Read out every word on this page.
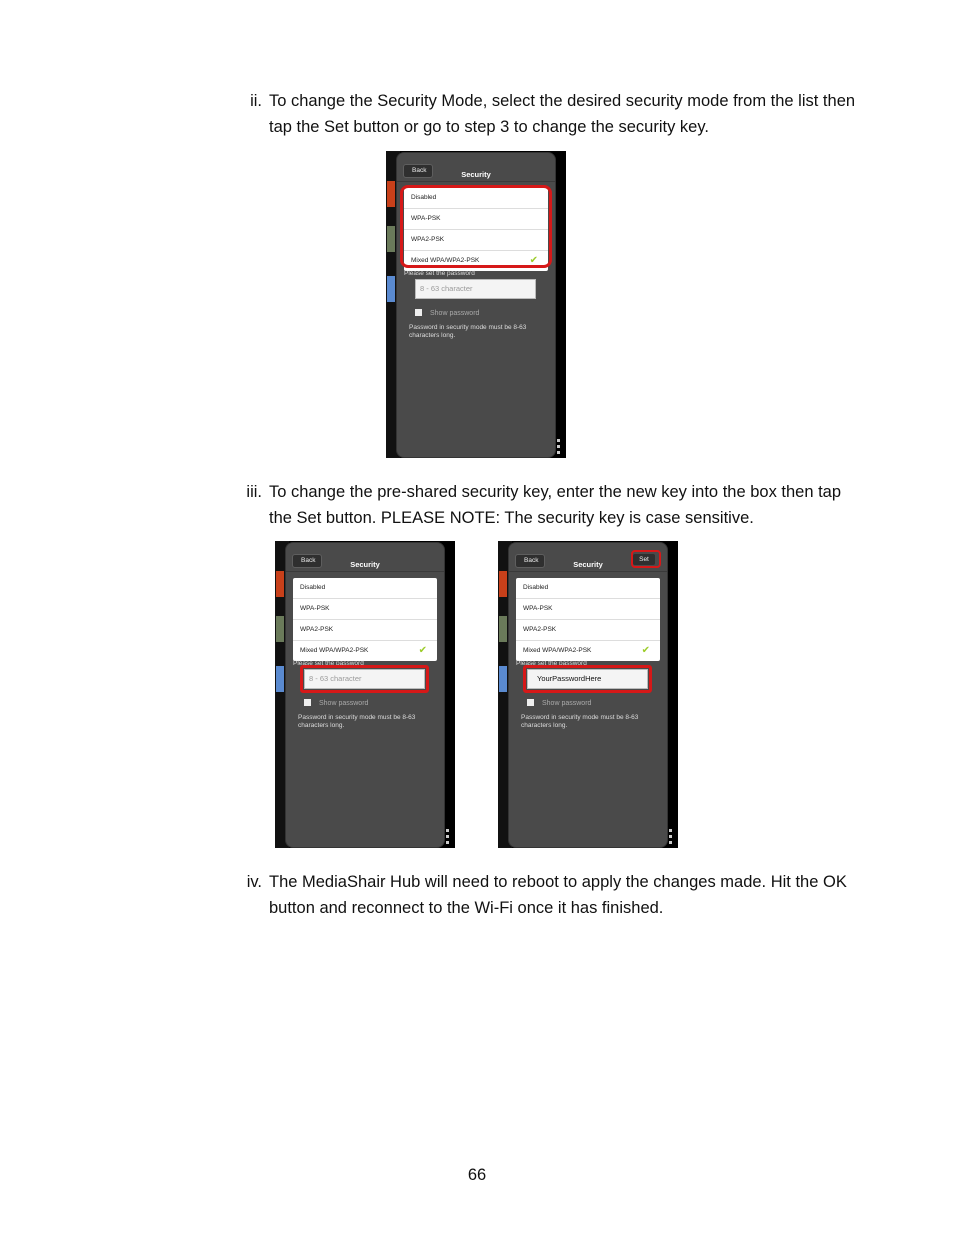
ii. To change the Security Mode, select the desired security mode from the list then tap the Set button or go to step 3 to change the security key.
Back	Security
Disabled
WPA-PSK
WPA2-PSK
Mixed WPA/WPA2-PSK	✔
Please set the password
8 - 63 character
Show password
Password in security mode must be 8-63 characters long.
iii. To change the pre-shared security key, enter the new key into the box then tap the Set button. PLEASE NOTE: The security key is case sensitive.
Back	Security
Disabled
WPA-PSK
WPA2-PSK
Mixed WPA/WPA2-PSK	✔
Please set the password
8 - 63 character
Show password
Password in security mode must be 8-63 characters long.
Back	Security
Set
Disabled
WPA-PSK
WPA2-PSK
Mixed WPA/WPA2-PSK	✔
Please set the password
YourPasswordHere
Show password
Password in security mode must be 8-63 characters long.
iv. The MediaShair Hub will need to reboot to apply the changes made. Hit the OK button and reconnect to the Wi-Fi once it has finished.
66
